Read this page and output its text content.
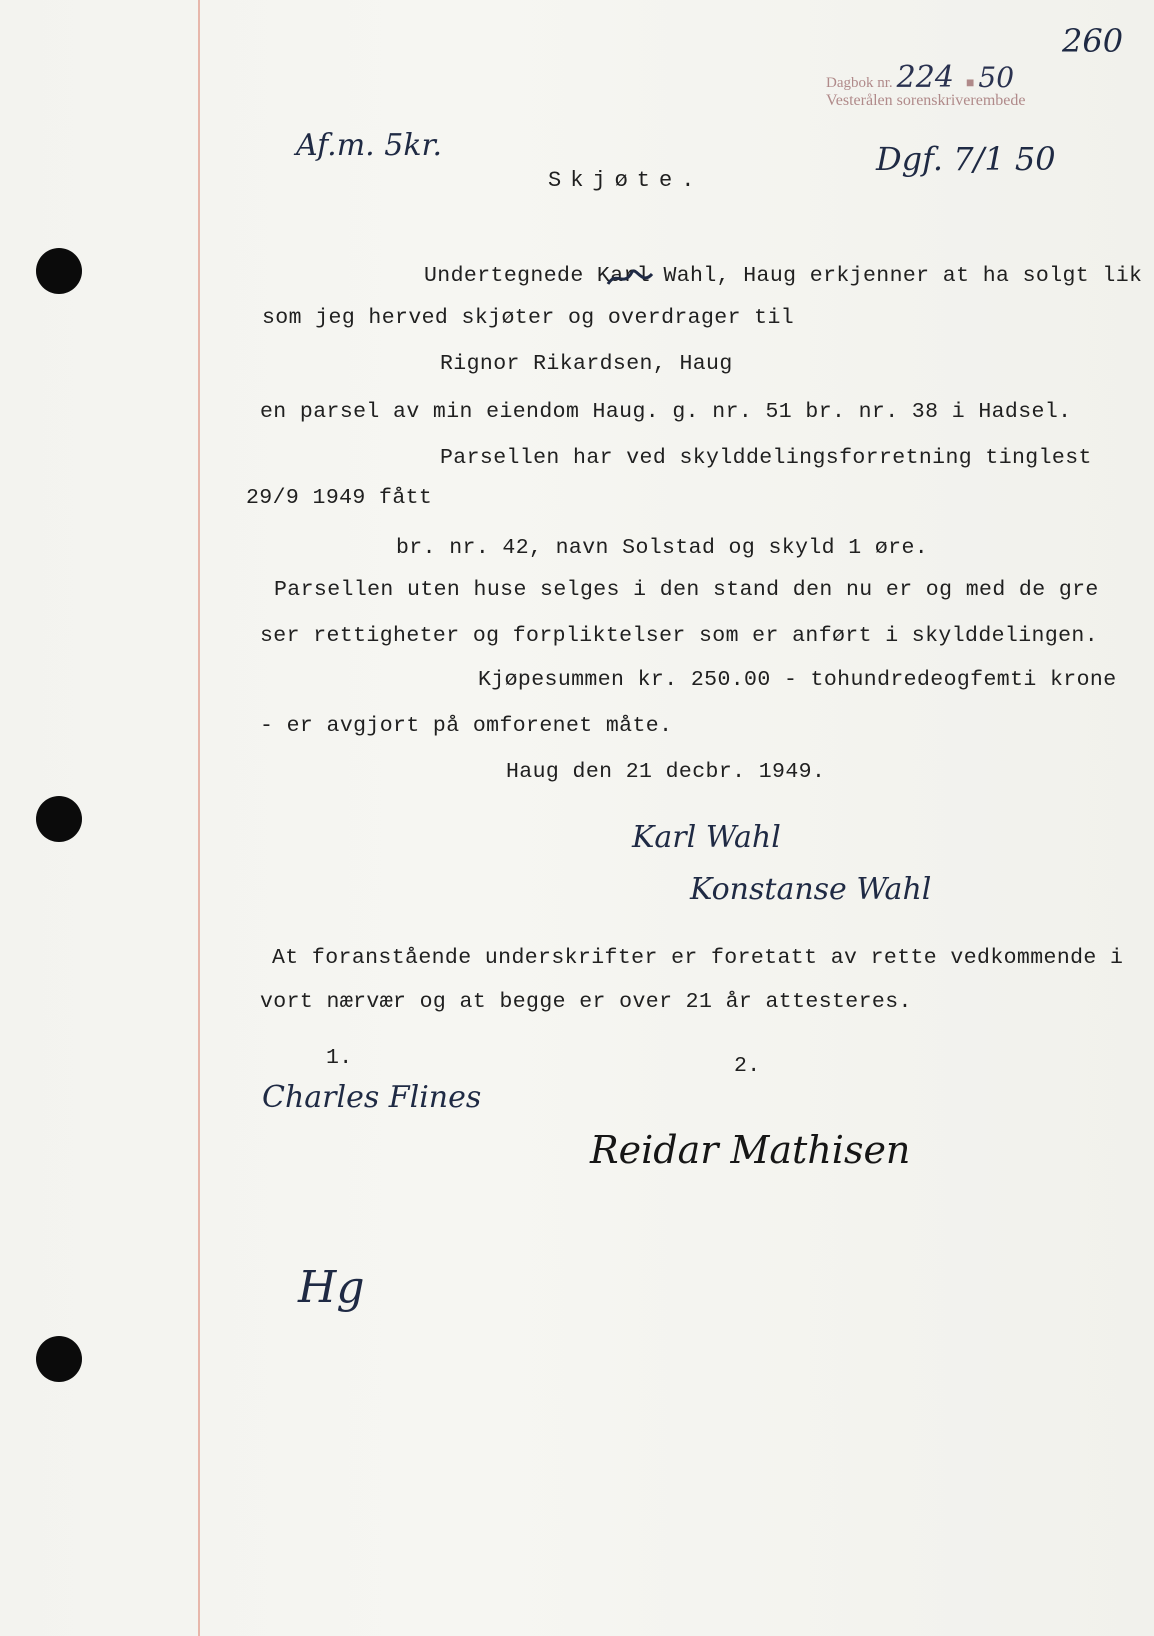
Dagbok nr. 224 ■ 50
Vesterålen sorenskriverembede
260
Af.m. 5kr.	Dgf. 7/1 50
Skjøte.
Undertegnede Karl Wahl, Haug erkjenner at ha solgt lik
som jeg herved skjøter og overdrager til
Rignor Rikardsen, Haug
en parsel av min eiendom Haug. g. nr. 51 br. nr. 38 i Hadsel.
Parsellen har ved skylddelingsforretning tinglest
29/9 1949 fått
br. nr. 42, navn Solstad og skyld 1 øre.
Parsellen uten huse selges i den stand den nu er og med de gre
ser rettigheter og forpliktelser som er anført i skylddelingen.
Kjøpesummen kr. 250.00 - tohundredeogfemti krone
- er avgjort på omforenet måte.
Haug den 21 decbr. 1949.
Karl Wahl
Konstanse Wahl
At foranstående underskrifter er foretatt av rette vedkommende i
vort nærvær og at begge er over 21 år attesteres.
1.	2.
Charles Flines
Reidar Mathisen
Hg
